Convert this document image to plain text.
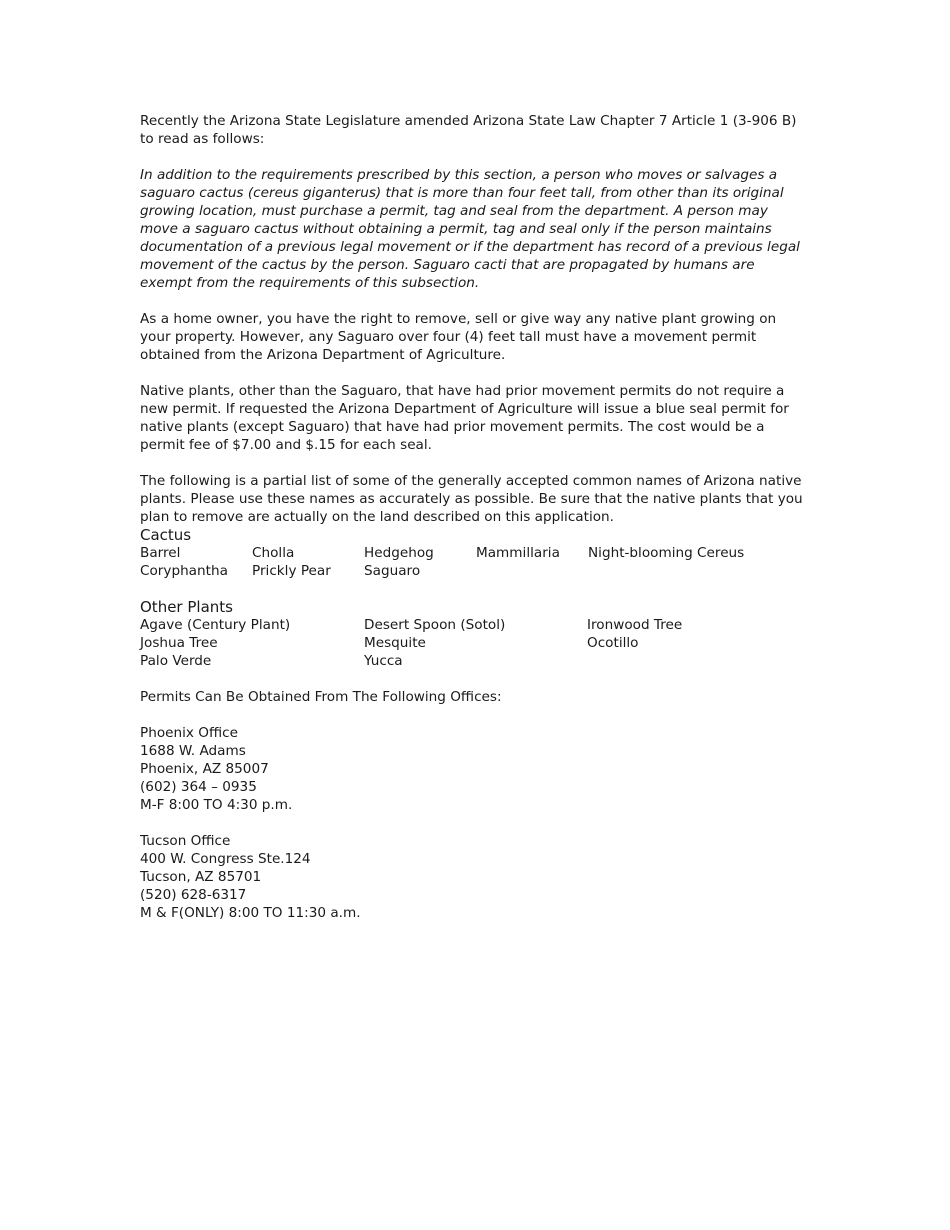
Recently the Arizona State Legislature amended Arizona State Law Chapter 7 Article 1 (3-906 B) to read as follows:

In addition to the requirements prescribed by this section, a person who moves or salvages a saguaro cactus (cereus giganterus) that is more than four feet tall, from other than its original growing location, must purchase a permit, tag and seal from the department. A person may move a saguaro cactus without obtaining a permit, tag and seal only if the person maintains documentation of a previous legal movement or if the department has record of a previous legal movement of the cactus by the person. Saguaro cacti that are propagated by humans are exempt from the requirements of this subsection.

As a home owner, you have the right to remove, sell or give way any native plant growing on your property. However, any Saguaro over four (4) feet tall must have a movement permit obtained from the Arizona Department of Agriculture.

Native plants, other than the Saguaro, that have had prior movement permits do not require a new permit. If requested the Arizona Department of Agriculture will issue a blue seal permit for native plants (except Saguaro) that have had prior movement permits. The cost would be a permit fee of $7.00 and $.15 for each seal.

The following is a partial list of some of the generally accepted common names of Arizona native plants. Please use these names as accurately as possible. Be sure that the native plants that you plan to remove are actually on the land described on this application.

Cactus
Barrel	Cholla	Hedgehog	Mammillaria	Night-blooming Cereus
Coryphantha	Prickly Pear	Saguaro
Other Plants
Agave (Century Plant)	Desert Spoon (Sotol)	Ironwood Tree
Joshua Tree	Mesquite	Ocotillo
Palo Verde	Yucca

Permits Can Be Obtained From The Following Offices:

Phoenix Office

1688 W. Adams

Phoenix, AZ 85007

(602) 364 – 0935

M-F 8:00 TO 4:30 p.m.

Tucson Office

400 W. Congress Ste.124

Tucson, AZ 85701

(520) 628-6317

M & F(ONLY) 8:00 TO 11:30 a.m.
